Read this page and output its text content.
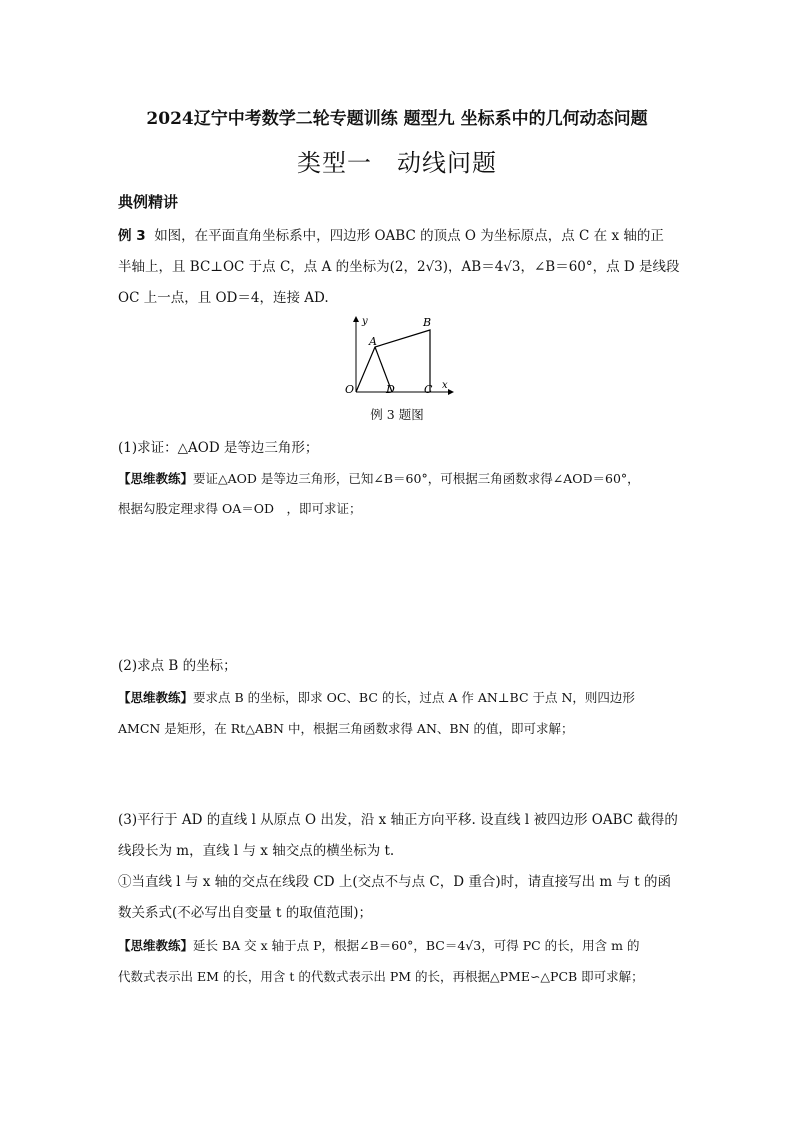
2024辽宁中考数学二轮专题训练 题型九 坐标系中的几何动态问题
类型一　动线问题
典例精讲
例 3 如图，在平面直角坐标系中，四边形 OABC 的顶点 O 为坐标原点，点 C 在 x 轴的正
半轴上，且 BC⊥OC 于点 C，点 A 的坐标为(2，2√3)，AB＝4√3，∠B＝60°，点 D 是线段
OC 上一点，且 OD＝4，连接 AD.
y
x
O
A
B
C
D
例 3 题图
(1)求证：△AOD 是等边三角形；
【思维教练】要证△AOD 是等边三角形，已知∠B＝60°，可根据三角函数求得∠AOD＝60°，
根据勾股定理求得 OA＝OD　，即可求证；
(2)求点 B 的坐标；
【思维教练】要求点 B 的坐标，即求 OC、BC 的长，过点 A 作 AN⊥BC 于点 N，则四边形
AMCN 是矩形，在 Rt△ABN 中，根据三角函数求得 AN、BN 的值，即可求解；
(3)平行于 AD 的直线 l 从原点 O 出发，沿 x 轴正方向平移. 设直线 l 被四边形 OABC 截得的
线段长为 m，直线 l 与 x 轴交点的横坐标为 t.
①当直线 l 与 x 轴的交点在线段 CD 上(交点不与点 C，D 重合)时，请直接写出 m 与 t 的函
数关系式(不必写出自变量 t 的取值范围)；
【思维教练】延长 BA 交 x 轴于点 P，根据∠B＝60°，BC＝4√3，可得 PC 的长，用含 m 的
代数式表示出 EM 的长，用含 t 的代数式表示出 PM 的长，再根据△PME∽△PCB 即可求解；
